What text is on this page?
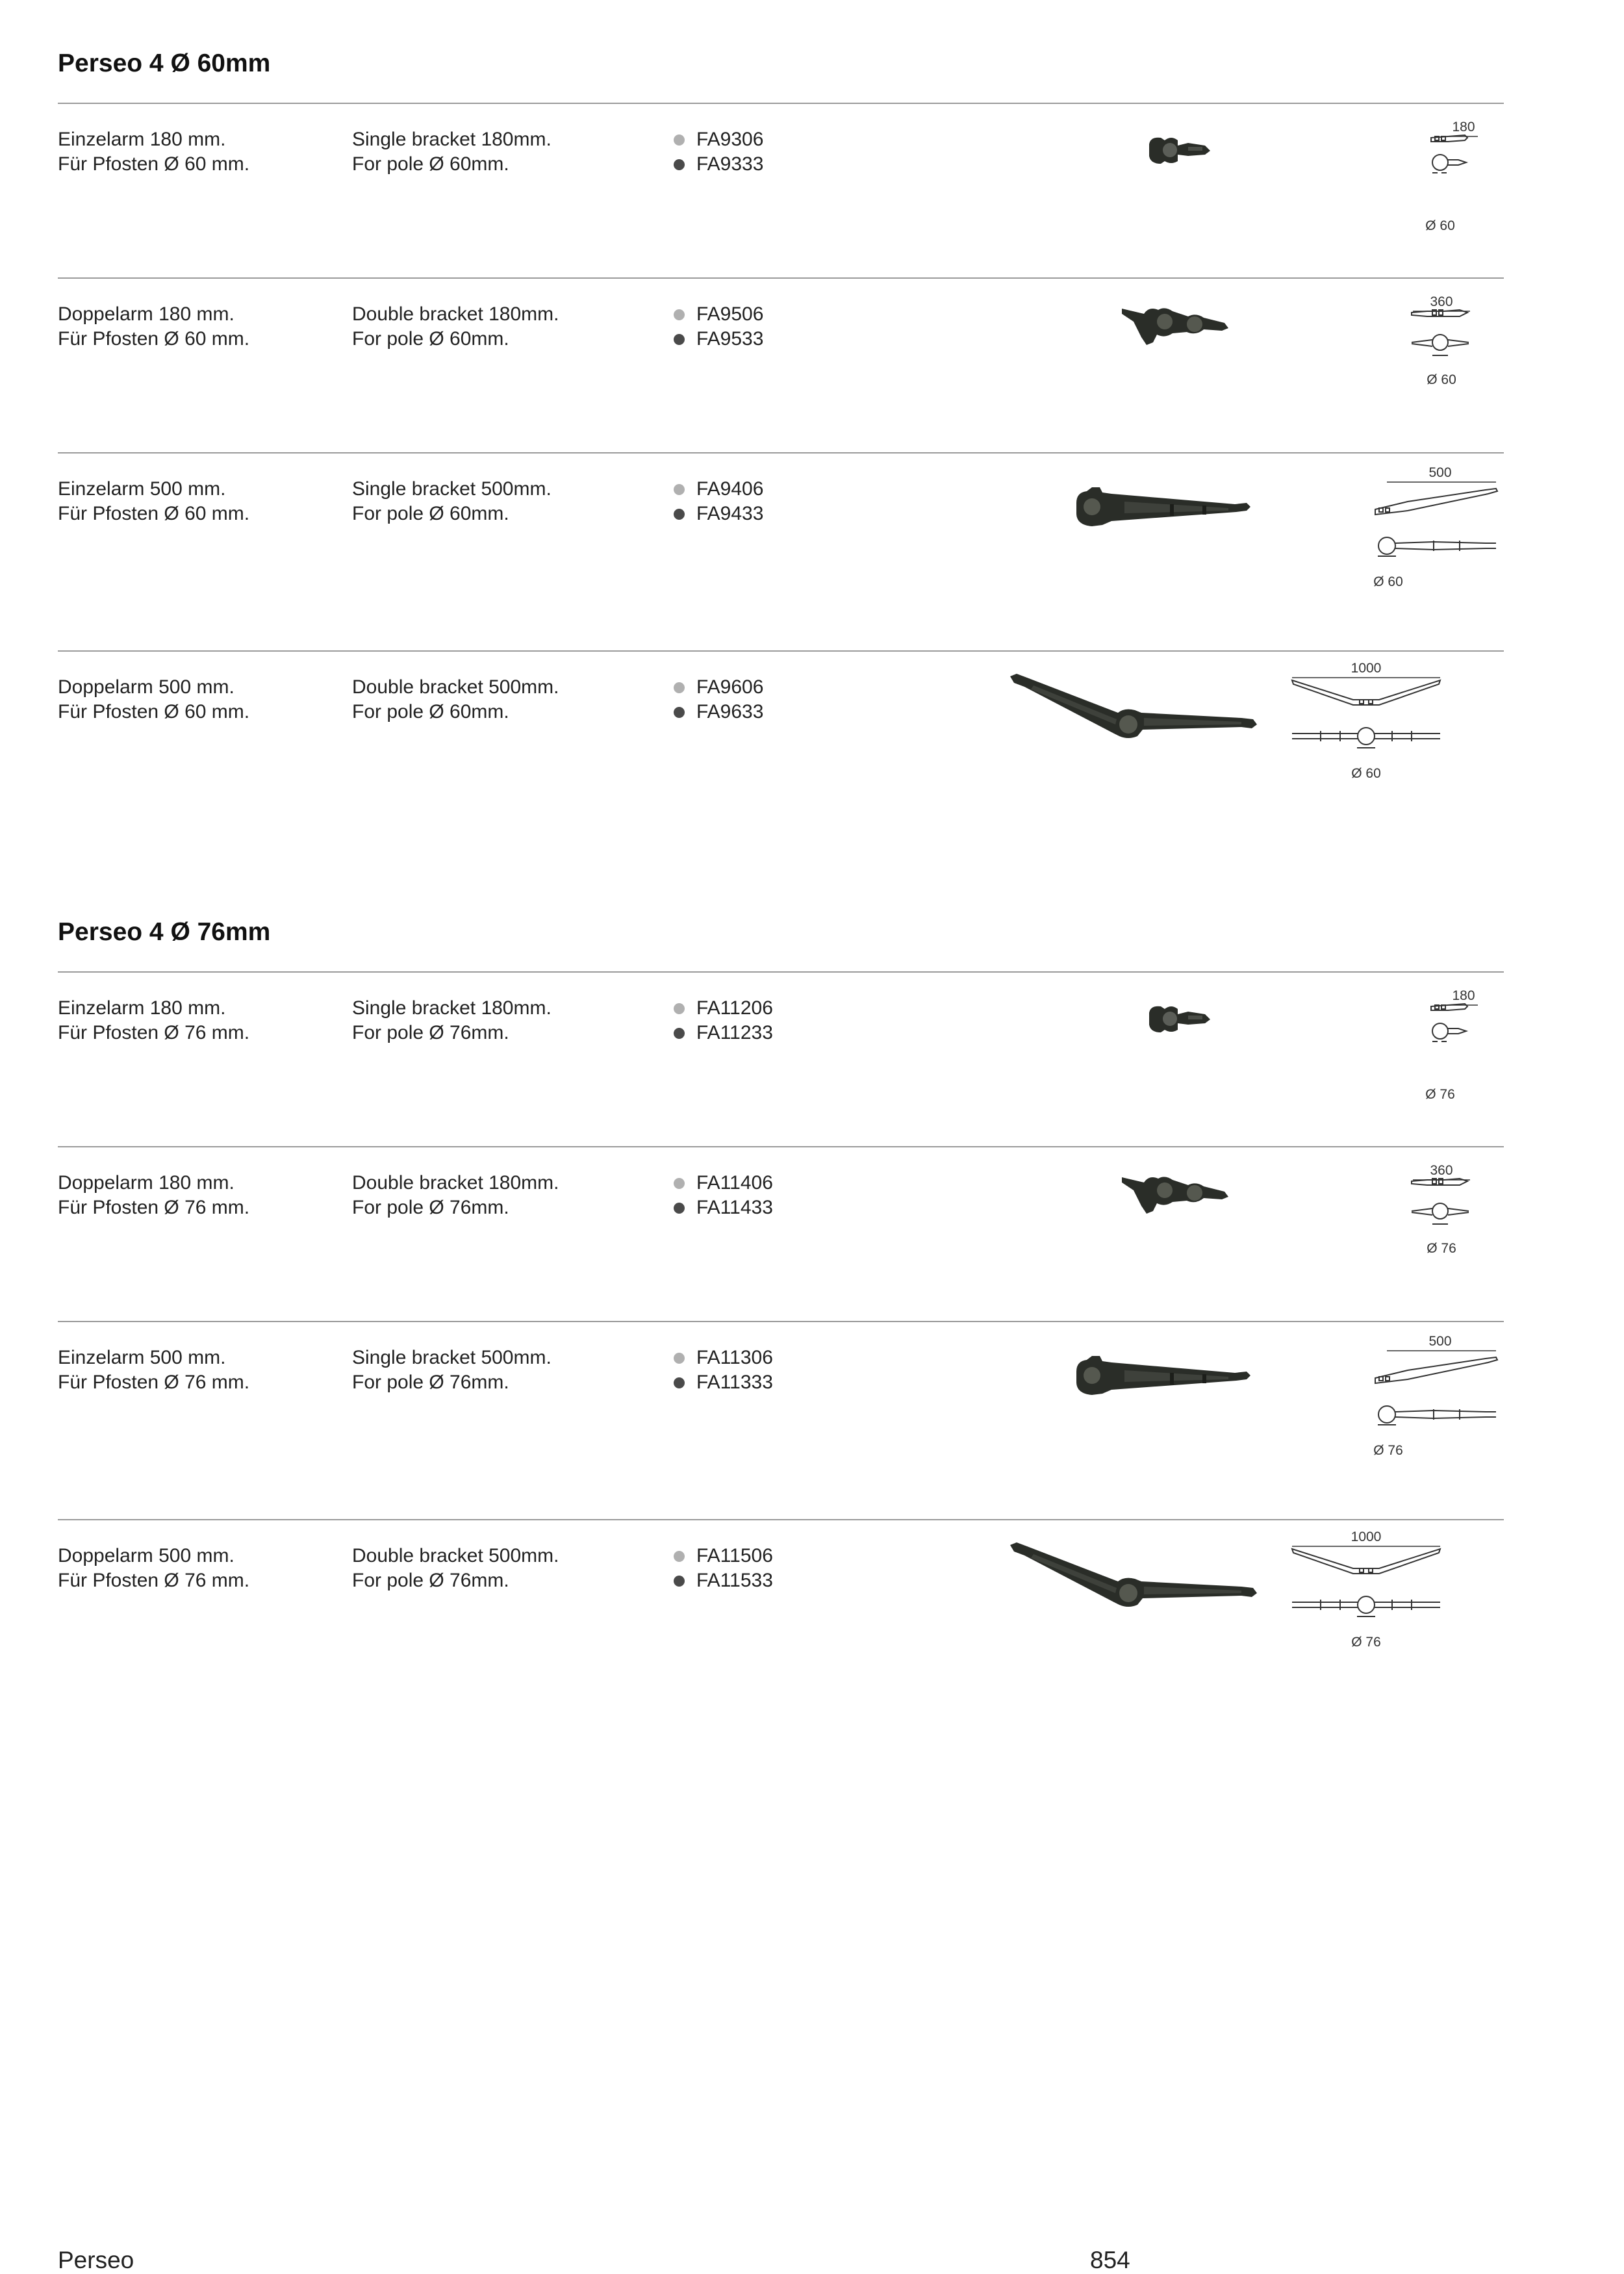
Perseo 4 Ø 60mm
Einzelarm 180 mm.
Für Pfosten Ø 60 mm.
Single bracket 180mm.
For pole Ø 60mm.
FA9306
FA9333
180
Ø 60
Doppelarm 180 mm.
Für Pfosten Ø 60 mm.
Double bracket 180mm.
For pole Ø 60mm.
FA9506
FA9533
360
Ø 60
Einzelarm 500 mm.
Für Pfosten Ø 60 mm.
Single bracket 500mm.
For pole Ø 60mm.
FA9406
FA9433
500
Ø 60
Doppelarm 500 mm.
Für Pfosten Ø 60 mm.
Double bracket 500mm.
For pole Ø 60mm.
FA9606
FA9633
1000
Ø 60
Perseo 4 Ø 76mm
Einzelarm 180 mm.
Für Pfosten Ø 76 mm.
Single bracket 180mm.
For pole Ø 76mm.
FA11206
FA11233
180
Ø 76
Doppelarm 180 mm.
Für Pfosten Ø 76 mm.
Double bracket 180mm.
For pole Ø 76mm.
FA11406
FA11433
360
Ø 76
Einzelarm 500 mm.
Für Pfosten Ø 76 mm.
Single bracket 500mm.
For pole Ø 76mm.
FA11306
FA11333
500
Ø 76
Doppelarm 500 mm.
Für Pfosten Ø 76 mm.
Double bracket 500mm.
For pole Ø 76mm.
FA11506
FA11533
1000
Ø 76
Perseo	854
